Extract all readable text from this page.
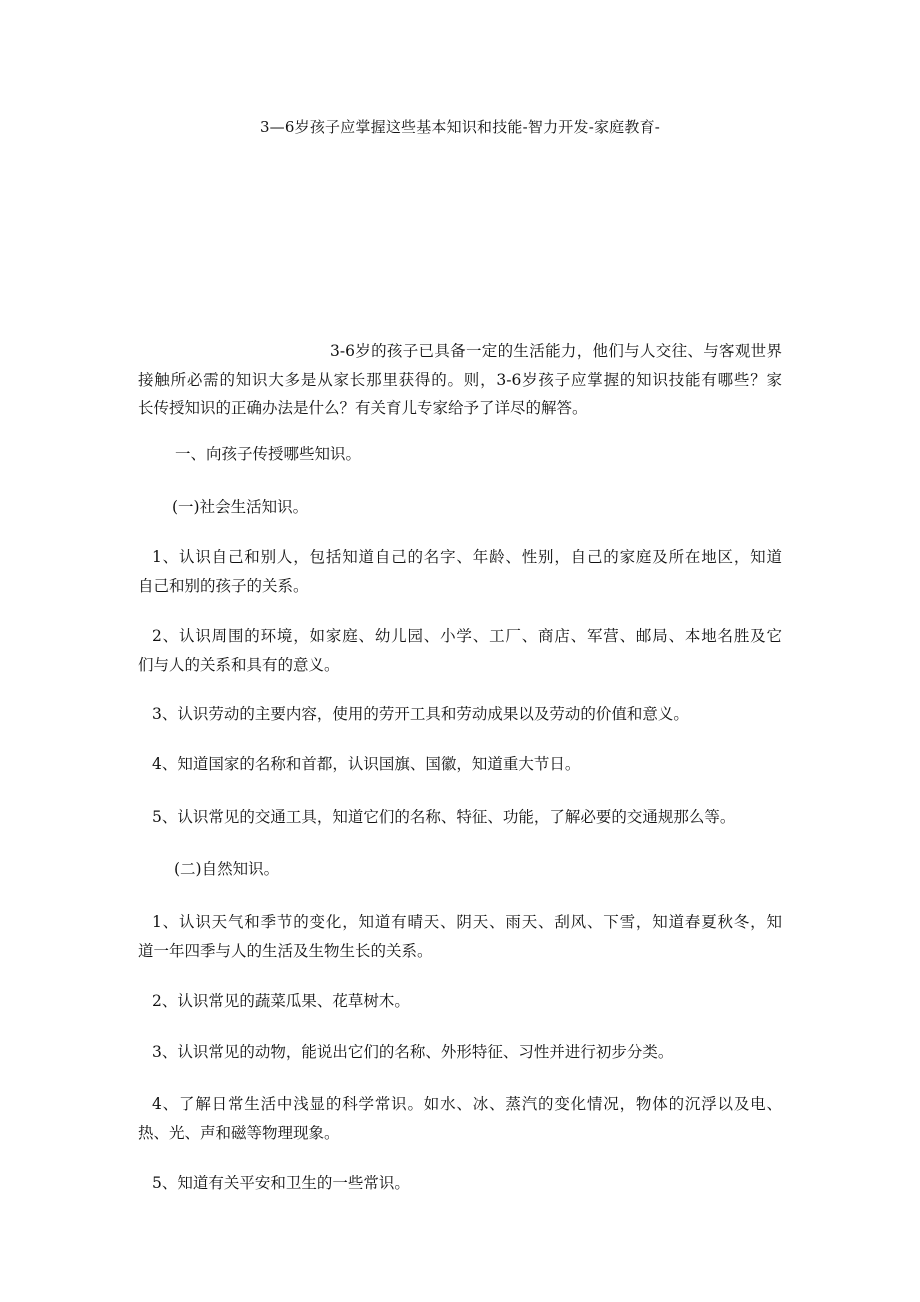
3—6岁孩子应掌握这些基本知识和技能-智力开发-家庭教育-
3-6岁的孩子已具备一定的生活能力，他们与人交往、与客观世界
接触所必需的知识大多是从家长那里获得的。则，3-6岁孩子应掌握的知识技能有哪些？家
长传授知识的正确办法是什么？有关育儿专家给予了详尽的解答。
一、向孩子传授哪些知识。
(一)社会生活知识。
1、认识自己和别人，包括知道自己的名字、年龄、性别，自己的家庭及所在地区，知道
自己和别的孩子的关系。
2、认识周围的环境，如家庭、幼儿园、小学、工厂、商店、军营、邮局、本地名胜及它
们与人的关系和具有的意义。
3、认识劳动的主要内容，使用的劳开工具和劳动成果以及劳动的价值和意义。
4、知道国家的名称和首都，认识国旗、国徽，知道重大节日。
5、认识常见的交通工具，知道它们的名称、特征、功能，了解必要的交通规那么等。
(二)自然知识。
1、认识天气和季节的变化，知道有晴天、阴天、雨天、刮风、下雪，知道春夏秋冬，知
道一年四季与人的生活及生物生长的关系。
2、认识常见的蔬菜瓜果、花草树木。
3、认识常见的动物，能说出它们的名称、外形特征、习性并进行初步分类。
4、了解日常生活中浅显的科学常识。如水、冰、蒸汽的变化情况，物体的沉浮以及电、
热、光、声和磁等物理现象。
5、知道有关平安和卫生的一些常识。
